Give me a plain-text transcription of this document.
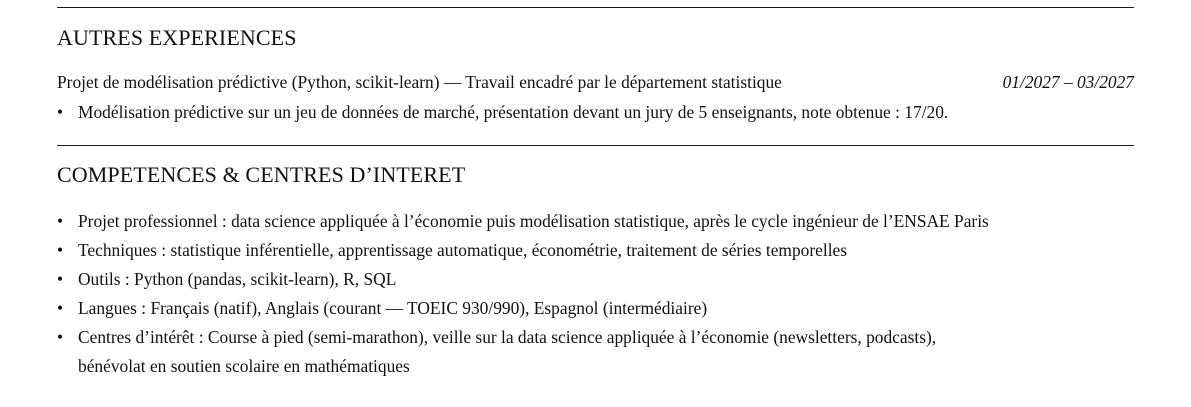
AUTRES EXPERIENCES
Projet de modélisation prédictive (Python, scikit-learn) — Travail encadré par le département statistique	01/2027 – 03/2027
• Modélisation prédictive sur un jeu de données de marché, présentation devant un jury de 5 enseignants, note obtenue : 17/20.
COMPETENCES & CENTRES D’INTERET
• Projet professionnel : data science appliquée à l’économie puis modélisation statistique, après le cycle ingénieur de l’ENSAE Paris
• Techniques : statistique inférentielle, apprentissage automatique, économétrie, traitement de séries temporelles
• Outils : Python (pandas, scikit-learn), R, SQL
• Langues : Français (natif), Anglais (courant — TOEIC 930/990), Espagnol (intermédiaire)
• Centres d’intérêt : Course à pied (semi-marathon), veille sur la data science appliquée à l’économie (newsletters, podcasts),
bénévolat en soutien scolaire en mathématiques
